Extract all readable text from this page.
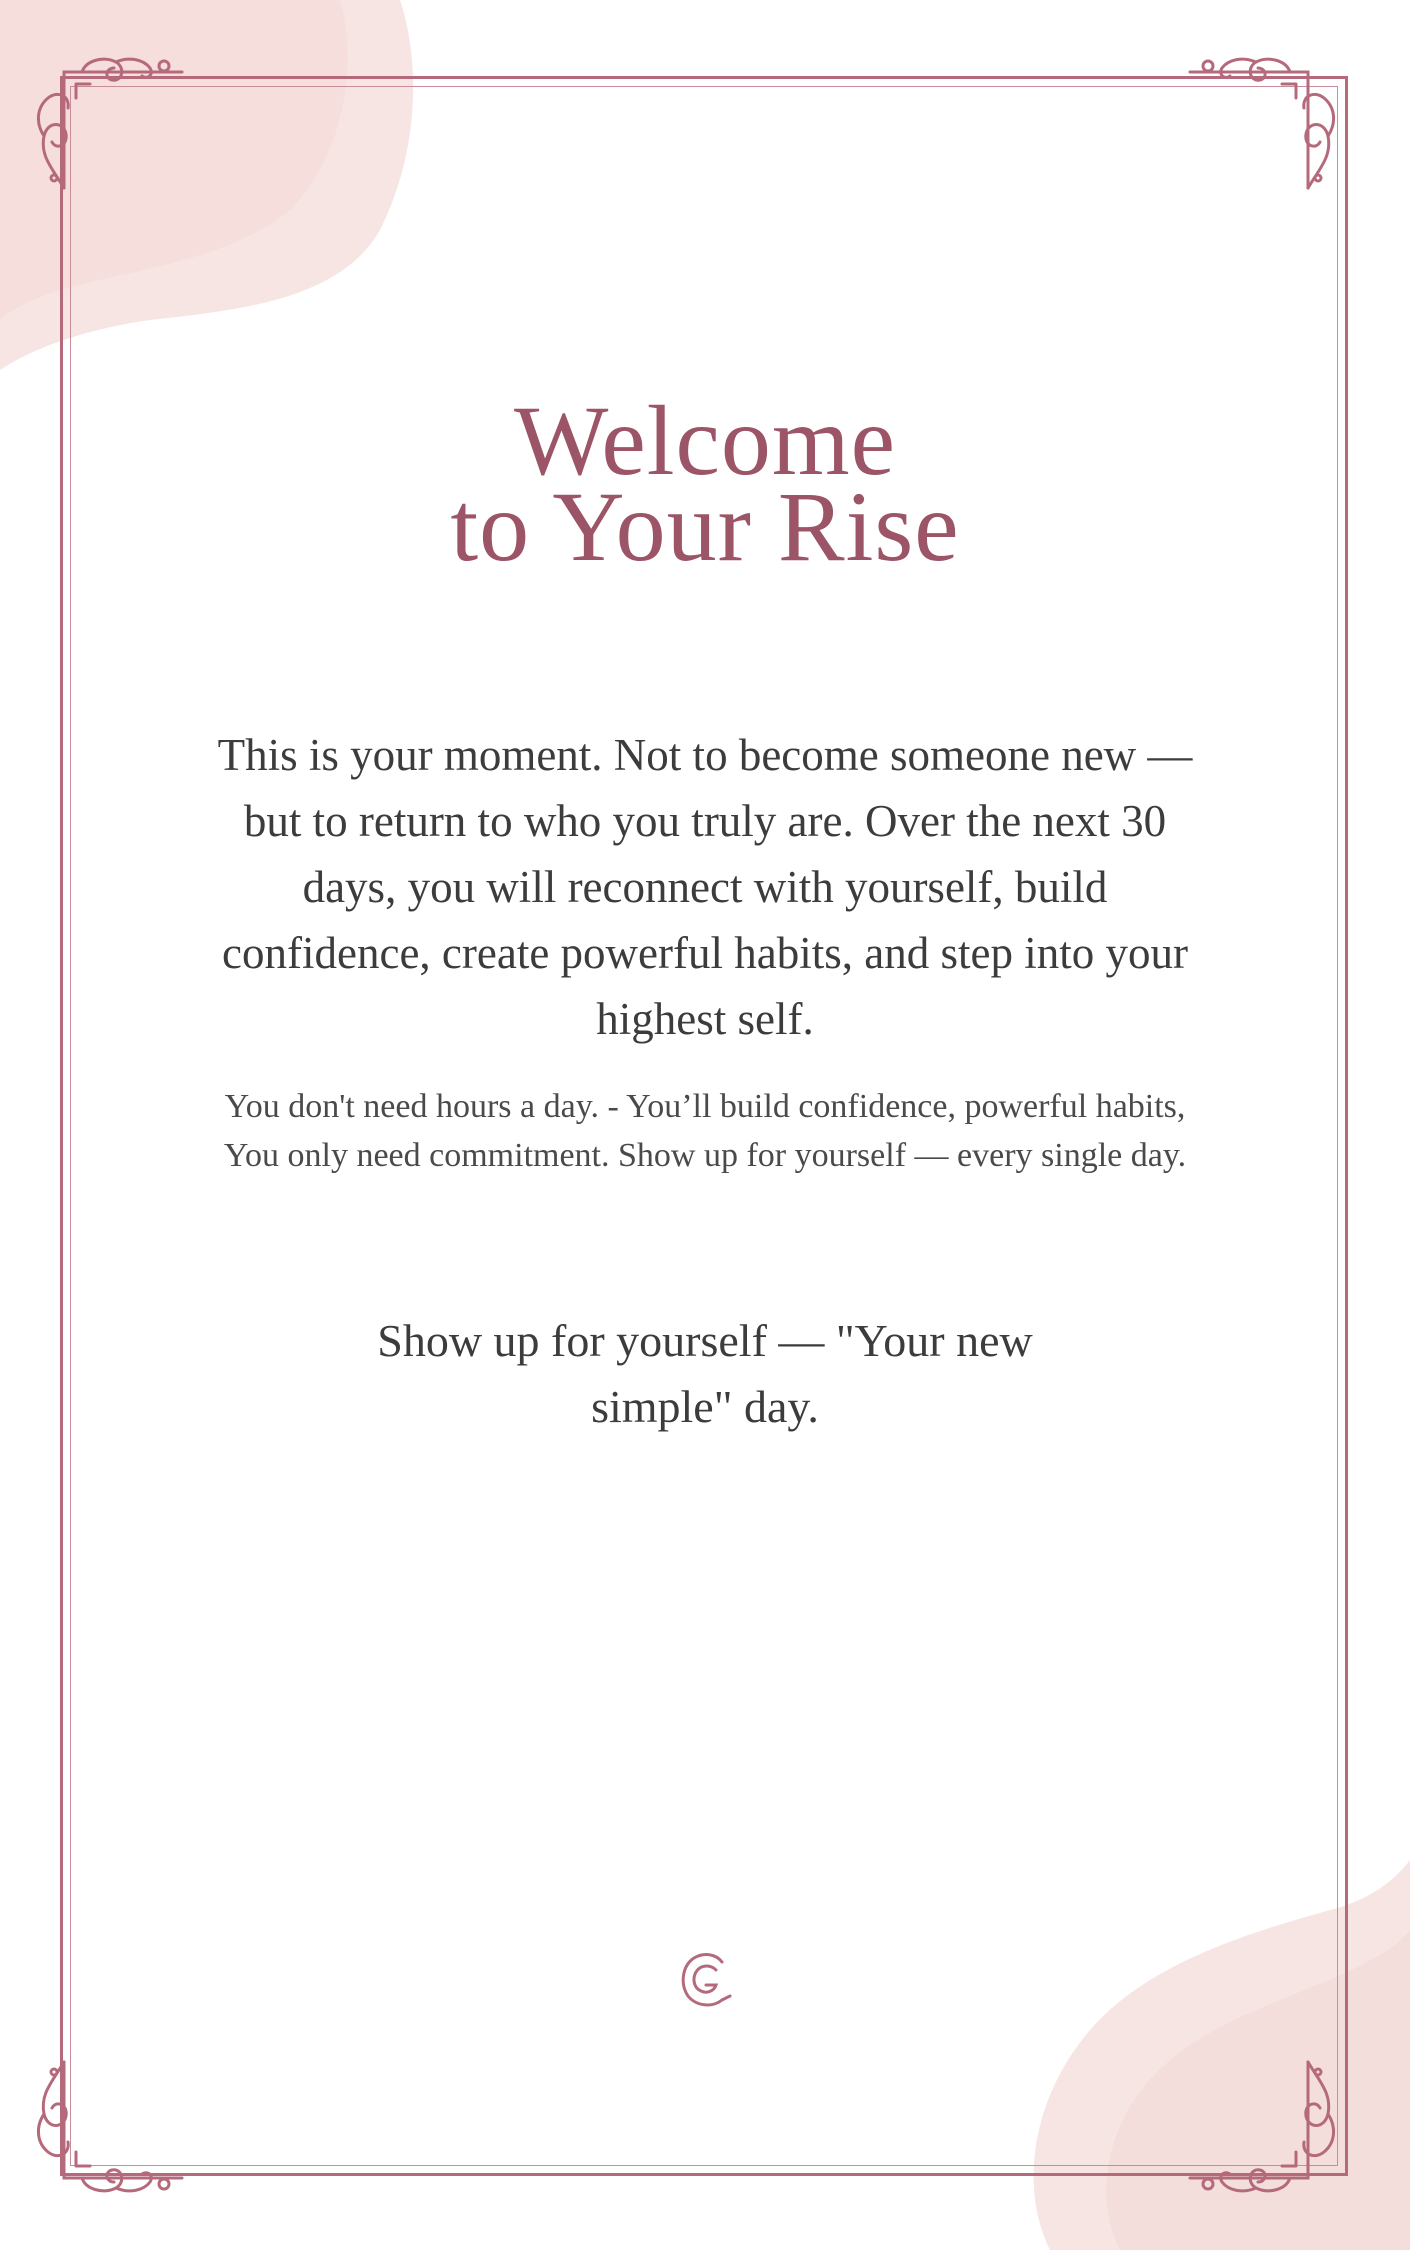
Welcome
to Your Rise

This is your moment. Not to become someone new — but to return to who you truly are. Over the next 30 days, you will reconnect with yourself, build confidence, create powerful habits, and step into your highest self.

You don't need hours a day. - You’ll build confidence, powerful habits,
You only need commitment. Show up for yourself — every single day.

Show up for yourself — "Your new simple" day.
